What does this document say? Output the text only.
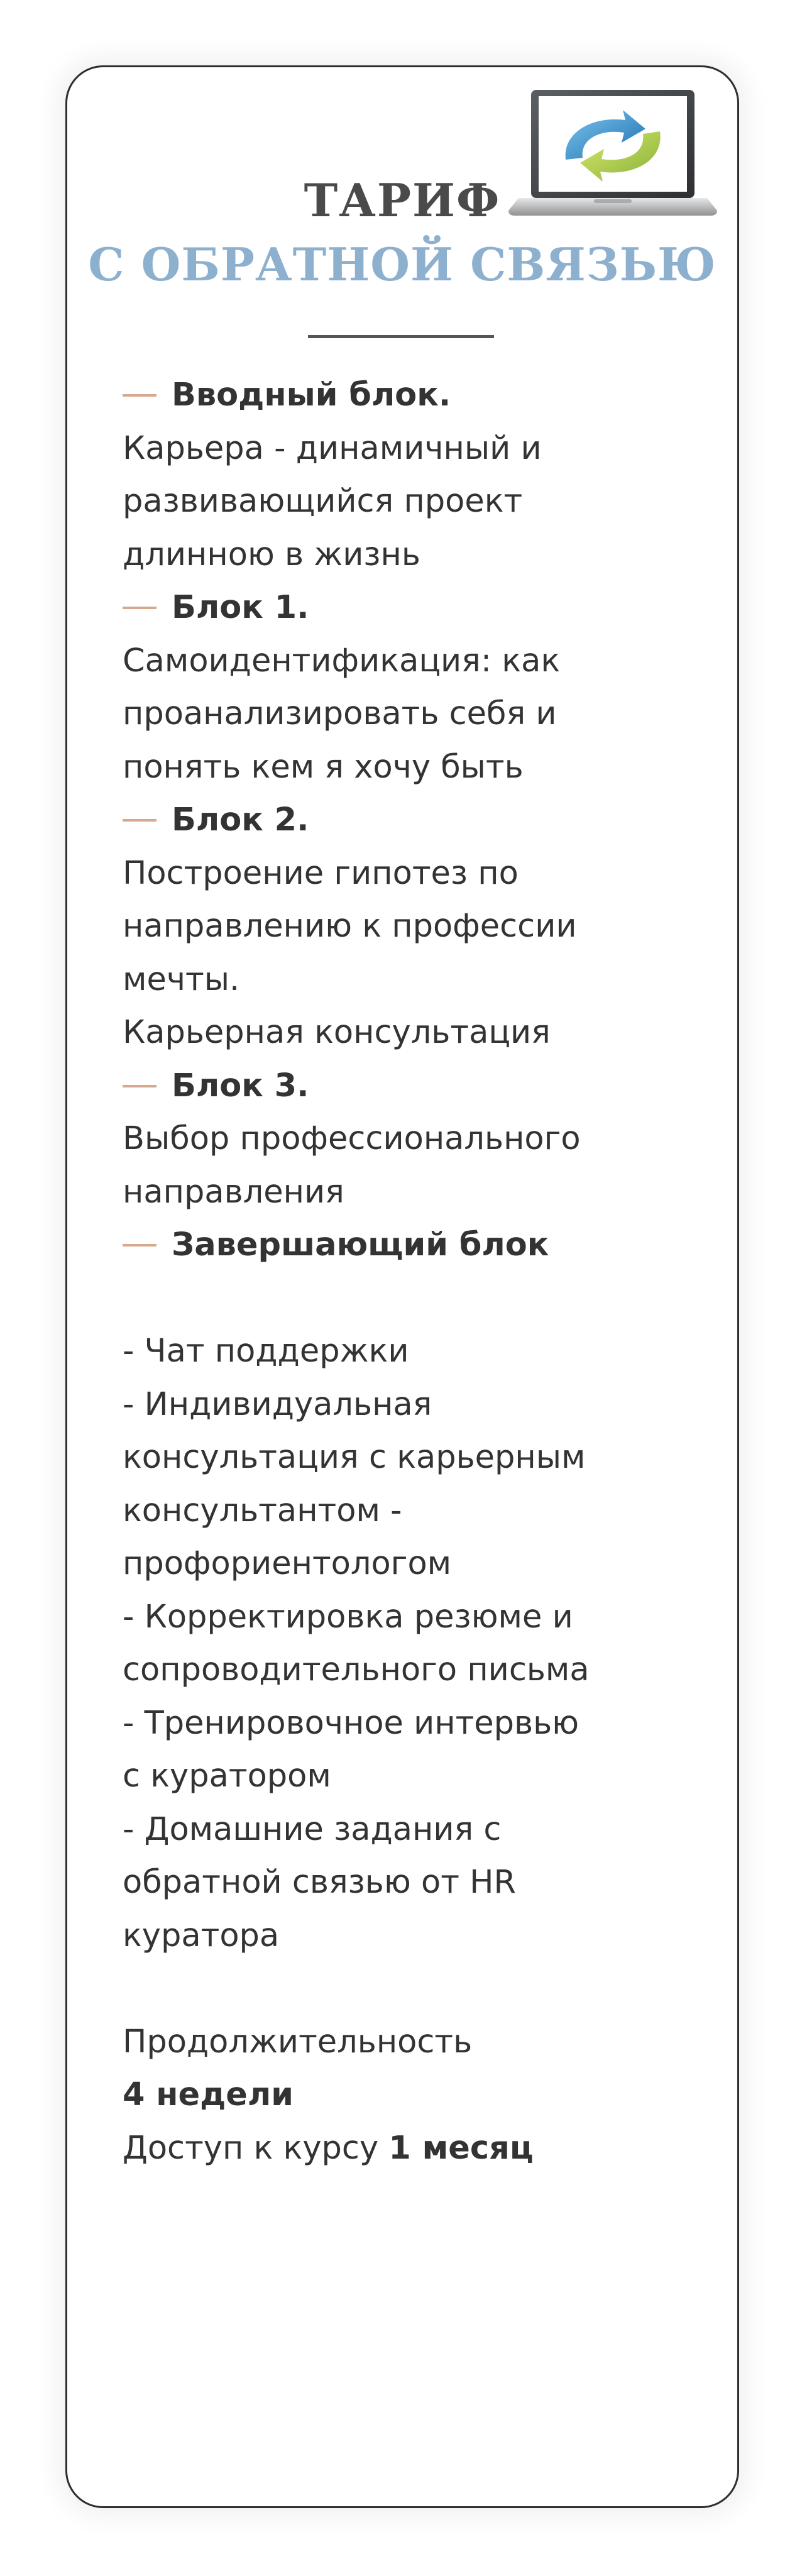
ТАРИФ
С ОБРАТНОЙ СВЯЗЬЮ
Вводный блок.
Карьера - динамичный и
развивающийся проект
длинною в жизнь
Блок 1.
Самоидентификация: как
проанализировать себя и
понять кем я хочу быть
Блок 2.
Построение гипотез по
направлению к профессии
мечты.
Карьерная консультация
Блок 3.
Выбор профессионального
направления
Завершающий блок
- Чат поддержки
- Индивидуальная
консультация с карьерным
консультантом -
профориентологом
- Корректировка резюме и
сопроводительного письма
- Тренировочное интервью
с куратором
- Домашние задания с
обратной связью от HR
куратора
Продолжительность
4 недели
Доступ к курсу 1 месяц
